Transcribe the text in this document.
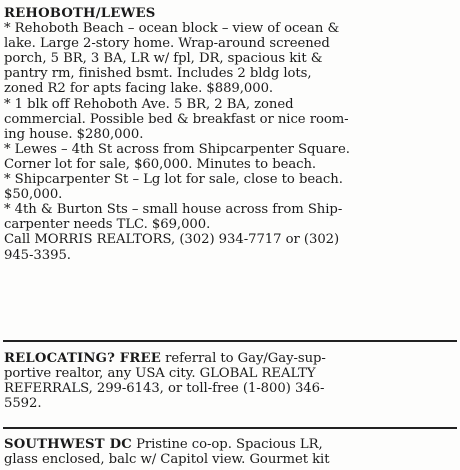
REHOBOTH/LEWES
* Rehoboth Beach – ocean block – view of ocean &
lake. Large 2-story home. Wrap-around screened
porch, 5 BR, 3 BA, LR w/ fpl, DR, spacious kit &
pantry rm, finished bsmt. Includes 2 bldg lots,
zoned R2 for apts facing lake. $889,000.
* 1 blk off Rehoboth Ave. 5 BR, 2 BA, zoned
commercial. Possible bed & breakfast or nice room-
ing house. $280,000.
* Lewes – 4th St across from Shipcarpenter Square.
Corner lot for sale, $60,000. Minutes to beach.
* Shipcarpenter St – Lg lot for sale, close to beach.
$50,000.
* 4th & Burton Sts – small house across from Ship-
carpenter needs TLC. $69,000.
Call MORRIS REALTORS, (302) 934-7717 or (302)
945-3395.
RELOCATING? FREE referral to Gay/Gay-sup-
portive realtor, any USA city. GLOBAL REALTY
REFERRALS, 299-6143, or toll-free (1-800) 346-
5592.
SOUTHWEST DC Pristine co-op. Spacious LR,
glass enclosed, balc w/ Capitol view. Gourmet kit
